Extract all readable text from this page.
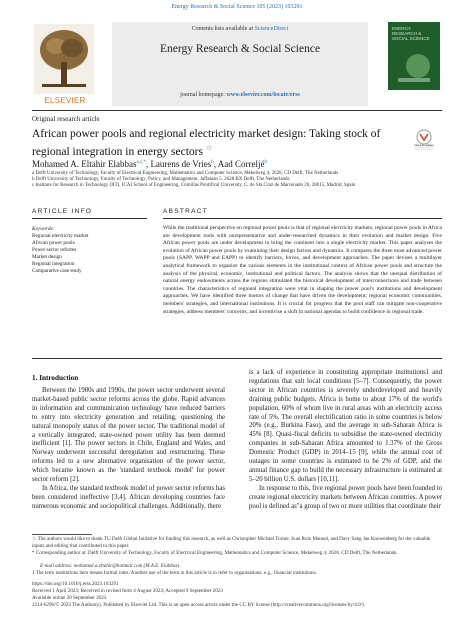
Energy Research & Social Science 105 (2023) 103291
ELSEVIER
Contents lists available at ScienceDirect
Energy Research & Social Science
journal homepage: www.elsevier.com/locate/erss
ENERGY RESEARCH & SOCIAL SCIENCE
Original research article
African power pools and regional electricity market design: Taking stock of regional integration in energy sectors ☆	Check for updates
Mohamed A. Eltahir Elabbas$^{a,c,*}$, Laurens de Vries$^b$, Aad Correljé$^b$
a Delft University of Technology, Faculty of Electrical Engineering, Mathematics and Computer Science, Mekelweg 4, 2628, CD Delft, The Netherlands
b Delft University of Technology, Faculty of Technology, Policy, and Management, Jaffalaan 5, 2628 BX Delft, The Netherlands
c Institute for Research in Technology (IIT), ICAI School of Engineering, Comillas Pontifical University, C. de Sta Cruz de Marcenado 26, 28015, Madrid, Spain
ARTICLE INFO	ABSTRACT
Keywords:
Regional electricity market
African power pools
Power sector reforms
Market design
Regional integration
Comparative case study
While the traditional perspective on regional power pools is that of regional electricity markets, regional power pools in Africa are development tools with unrepresentative and under-researched dynamics in their evolution and market design. Five African power pools are under development to bring the continent into a single electricity market. This paper analyses the evolution of African power pools by examining their design factors and dynamics. It compares the three most advanced power pools (SAPP, WAPP and EAPP) to identify barriers, forces, and development approaches. The paper devises a multilayer analytical framework to organize the various elements in the institutional context of African power pools and structure the analysis of the physical, economic, institutional and political factors. The analysis shows that the unequal distribution of natural energy endowments across the regions stimulated the historical development of interconnections and trade between countries. The characteristics of regional integration were vital in shaping the power pool's institutions and development approaches. We have identified three motors of change that have driven the development; regional economic communities, members' strategies, and international institutions. It is crucial for progress that the pool staff can mitigate non-cooperative strategies, address members' concerns, and incentivise a shift in national agendas to build confidence in regional trade.
1. Introduction

Between the 1980s and 1990s, the power sector underwent several market-based public sector reforms across the globe. Rapid advances in information and communication technology have reduced barriers to entry into electricity generation and retailing, questioning the natural monopoly status of the power sector. The traditional model of a vertically integrated, state-owned power utility has been deemed inefficient [1]. The power sectors in Chile, England and Wales, and Norway underwent successful deregulation and restructuring. These reforms led to a new alternative organisation of the power sector, which became known as the 'standard textbook model' for power sector reform [2].

In Africa, the standard textbook model of power sector reforms has been considered ineffective [3,4]. African developing countries face numerous economic and sociopolitical challenges. Additionally, there

is a lack of experience in constituting appropriate institutions1 and regulations that suit local conditions [5–7]. Consequently, the power sector in African countries is severely underdeveloped and heavily draining public budgets. Africa is home to about 17% of the world's population, 60% of whom live in rural areas with an electricity access rate of 5%. The overall electrification ratio in some countries is below 20% (e.g., Burkina Faso), and the average in sub-Saharan Africa is 45% [8]. Quasi-fiscal deficits to subsidise the state-owned electricity companies in sub-Saharan Africa amounted to 1.37% of the Gross Domestic Product (GDP) in 2014–15 [9], while the annual cost of outages in some countries is estimated to be 2% of GDP, and the annual finance gap to build the necessary infrastructure is estimated at 5–20 billion U.S. dollars [10,11].

In response to this, five regional power pools have been founded to create regional electricity markets between African countries. A power pool is defined as"a group of two or more utilities that coordinate their

☆ The authors would like to thank TU Delft Global Initiative for funding this research, as well as Christopher Michael Turner, Ivan Ruiz Manuel, and Davy Sang Jae Knowenberg for the valuable inputs and editing that contributed to this paper.
* Corresponding author at: Delft University of Technology, Faculty of Electrical Engineering, Mathematics and Computer Science, Mekelweg 4, 2628, CD Delft, The Netherlands.
E-mail address: mohamed.a.eltahir@hotmail.com (M.A.E. Elabbas).
1 The term institutions here means formal rules. Another use of the term in this article is to refer to organisations, e.g., financial institutions.
https://doi.org/10.1016/j.erss.2023.103291
Received 1 April 2023; Received in revised form 4 August 2023; Accepted 9 September 2023
Available online 20 September 2023
2214-6296/© 2023 The Author(s). Published by Elsevier Ltd. This is an open access article under the CC BY license (http://creativecommons.org/licenses/by/4.0/).
